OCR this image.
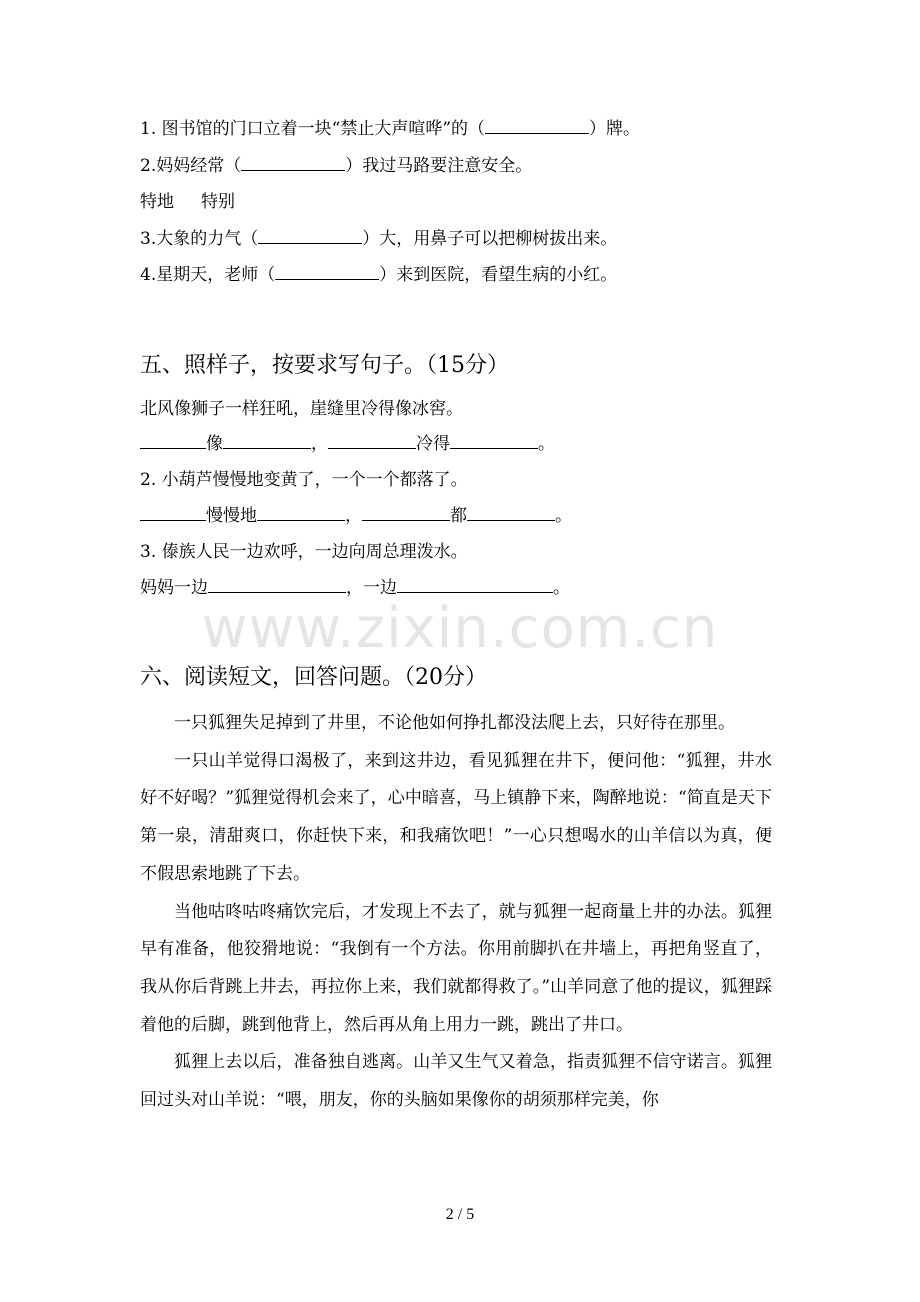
1. 图书馆的门口立着一块“禁止大声喧哗”的（	）牌。
2.妈妈经常（	）我过马路要注意安全。
特地     特别
3.大象的力气（	）大，用鼻子可以把柳树拔出来。
4.星期天，老师（	）来到医院，看望生病的小红。
五、照样子，按要求写句子。（15分）
北风像狮子一样狂吼，崖缝里冷得像冰窖。
像	，	冷得	。
2. 小葫芦慢慢地变黄了，一个一个都落了。
慢慢地	，	都	。
3. 傣族人民一边欢呼，一边向周总理泼水。
妈妈一边	，一边	。
www.zixin.com.cn
六、阅读短文，回答问题。（20分）

一只狐狸失足掉到了井里，不论他如何挣扎都没法爬上去，只好待在那里。

一只山羊觉得口渴极了，来到这井边，看见狐狸在井下，便问他：“狐狸，井水好不好喝？”狐狸觉得机会来了，心中暗喜，马上镇静下来，陶醉地说：“简直是天下第一泉，清甜爽口，你赶快下来，和我痛饮吧！”一心只想喝水的山羊信以为真，便不假思索地跳了下去。

当他咕咚咕咚痛饮完后，才发现上不去了，就与狐狸一起商量上井的办法。狐狸早有准备，他狡猾地说：“我倒有一个方法。你用前脚扒在井墙上，再把角竖直了，我从你后背跳上井去，再拉你上来，我们就都得救了。”山羊同意了他的提议，狐狸踩着他的后脚，跳到他背上，然后再从角上用力一跳，跳出了井口。

狐狸上去以后，准备独自逃离。山羊又生气又着急，指责狐狸不信守诺言。狐狸回过头对山羊说：“喂，朋友，你的头脑如果像你的胡须那样完美，你

2 / 5
